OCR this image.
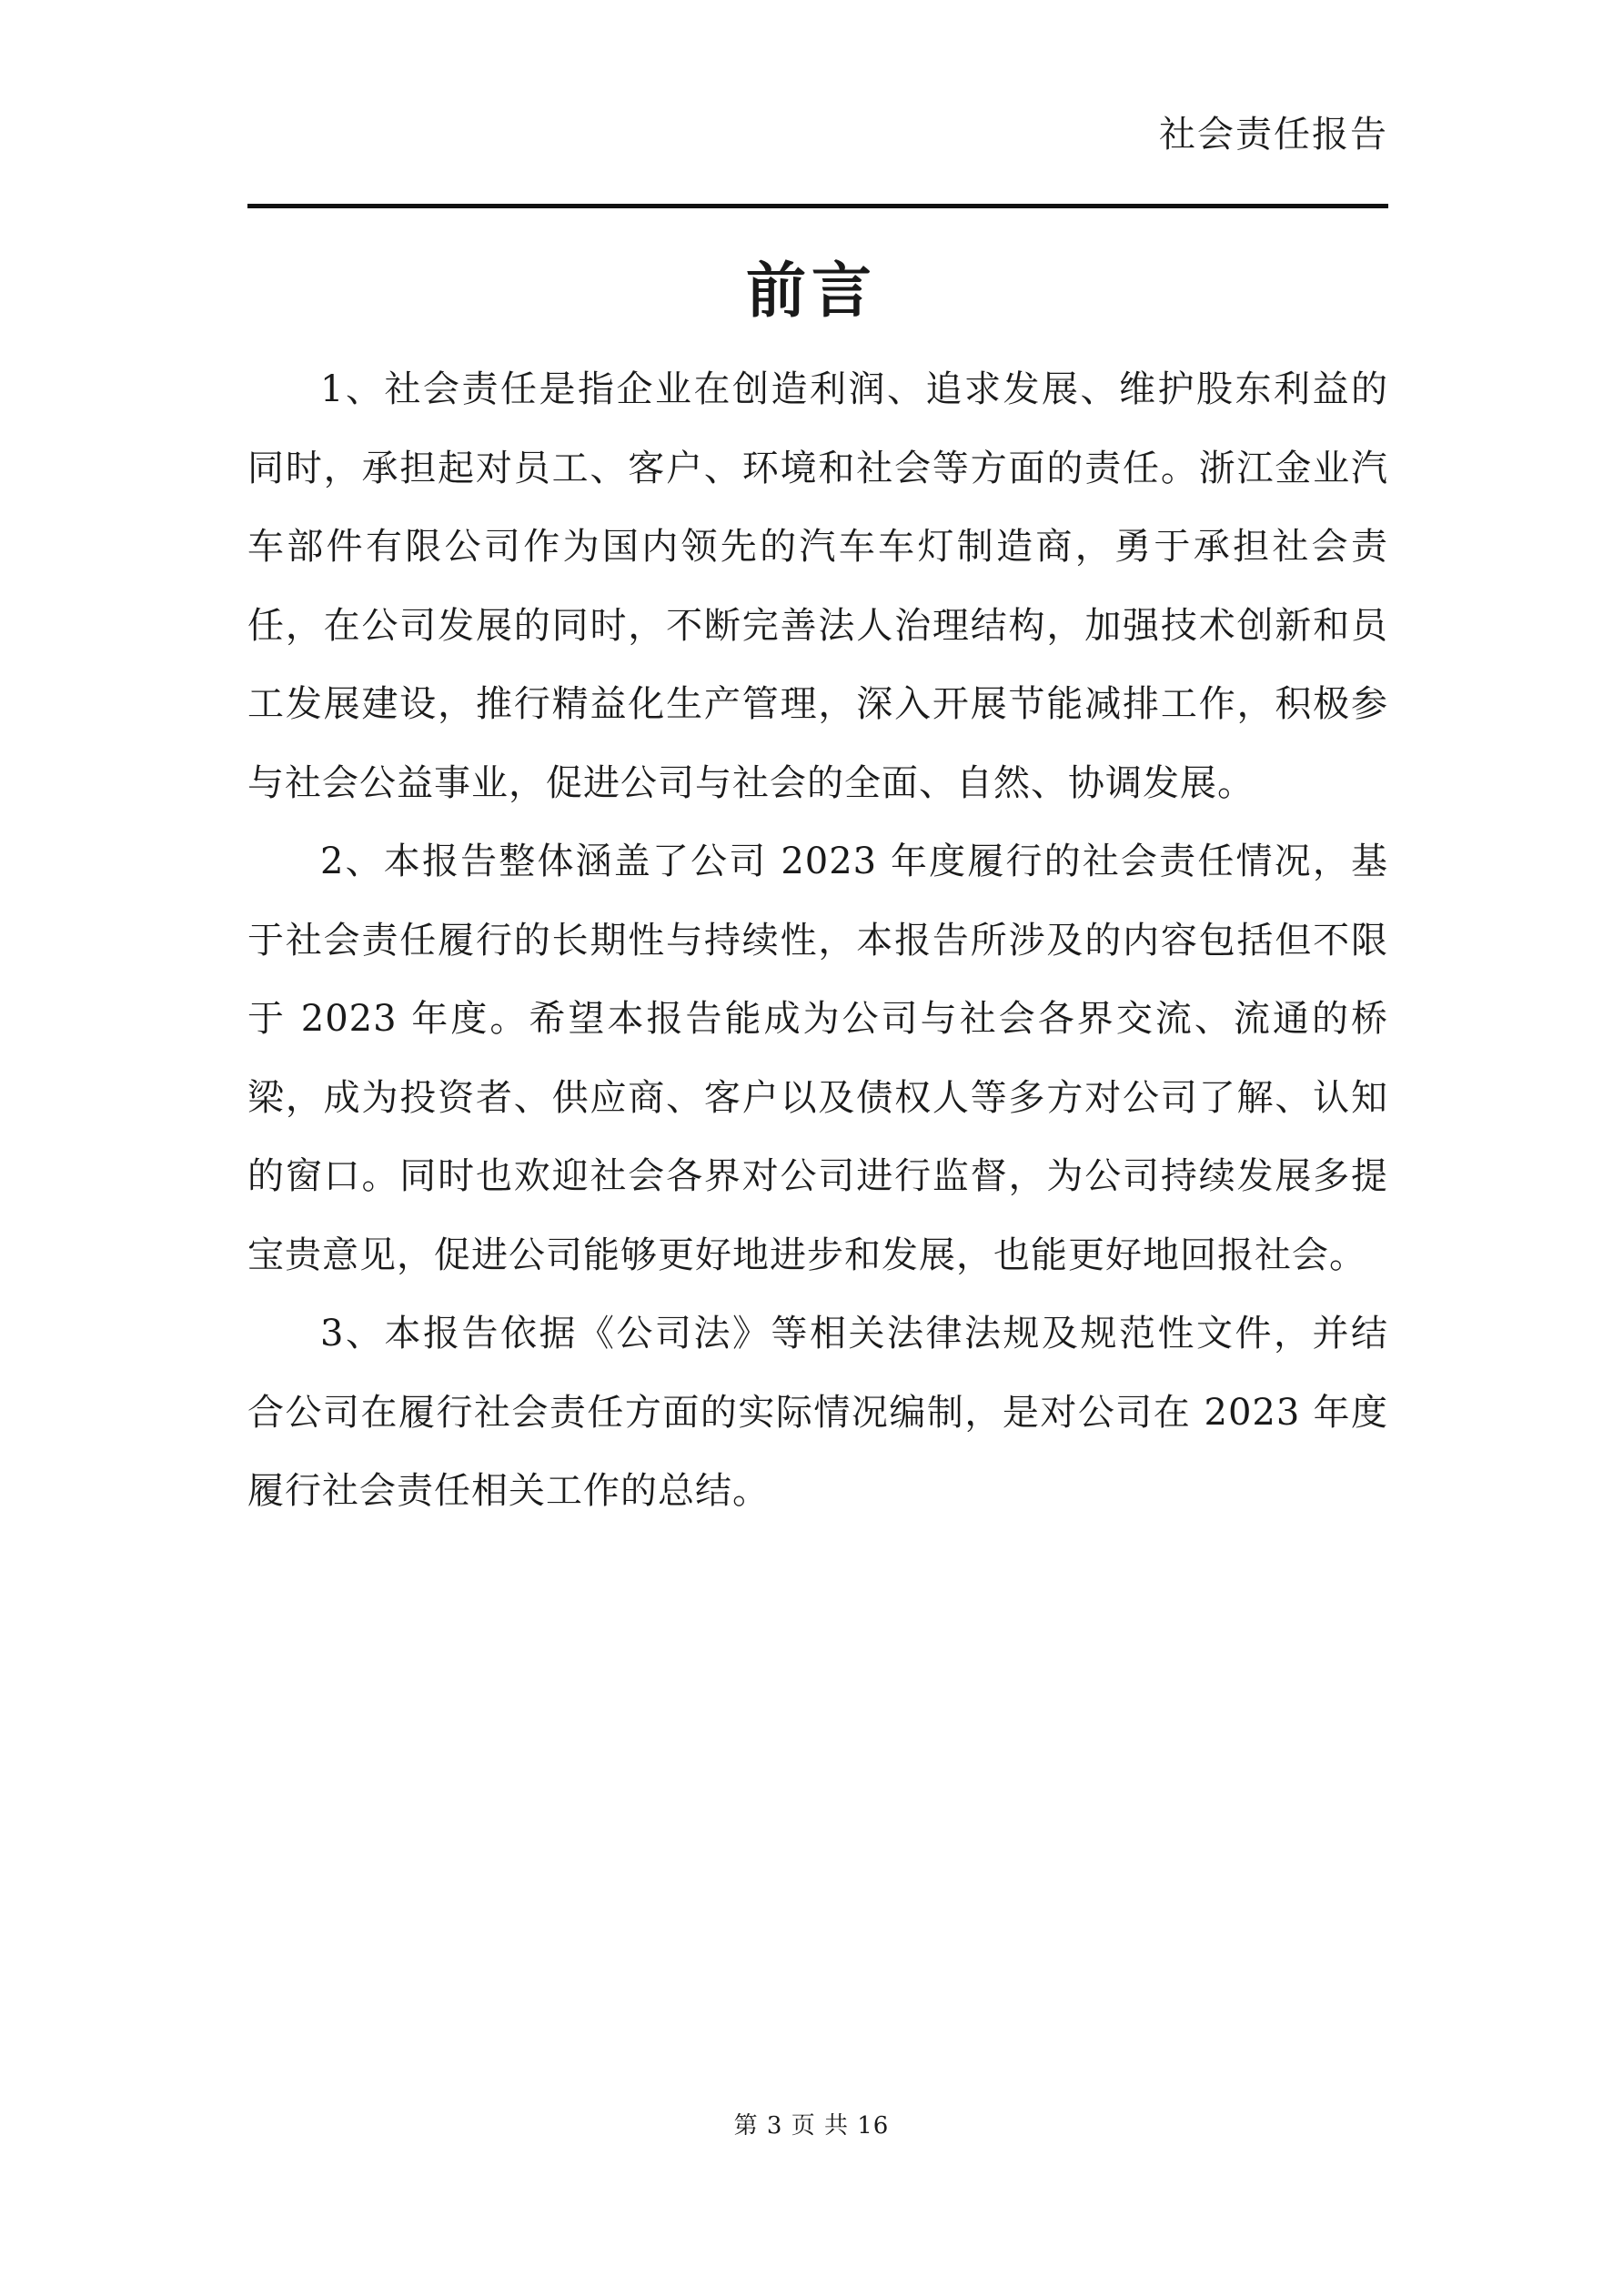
社会责任报告
前言

1、社会责任是指企业在创造利润、追求发展、维护股东利益的同时，承担起对员工、客户、环境和社会等方面的责任。浙江金业汽车部件有限公司作为国内领先的汽车车灯制造商，勇于承担社会责任，在公司发展的同时，不断完善法人治理结构，加强技术创新和员工发展建设，推行精益化生产管理，深入开展节能减排工作，积极参与社会公益事业，促进公司与社会的全面、自然、协调发展。

2、本报告整体涵盖了公司 2023 年度履行的社会责任情况，基于社会责任履行的长期性与持续性，本报告所涉及的内容包括但不限于 2023 年度。希望本报告能成为公司与社会各界交流、流通的桥梁，成为投资者、供应商、客户以及债权人等多方对公司了解、认知的窗口。同时也欢迎社会各界对公司进行监督，为公司持续发展多提宝贵意见，促进公司能够更好地进步和发展，也能更好地回报社会。

3、本报告依据《公司法》等相关法律法规及规范性文件，并结合公司在履行社会责任方面的实际情况编制，是对公司在 2023 年度履行社会责任相关工作的总结。

第 3 页 共 16
